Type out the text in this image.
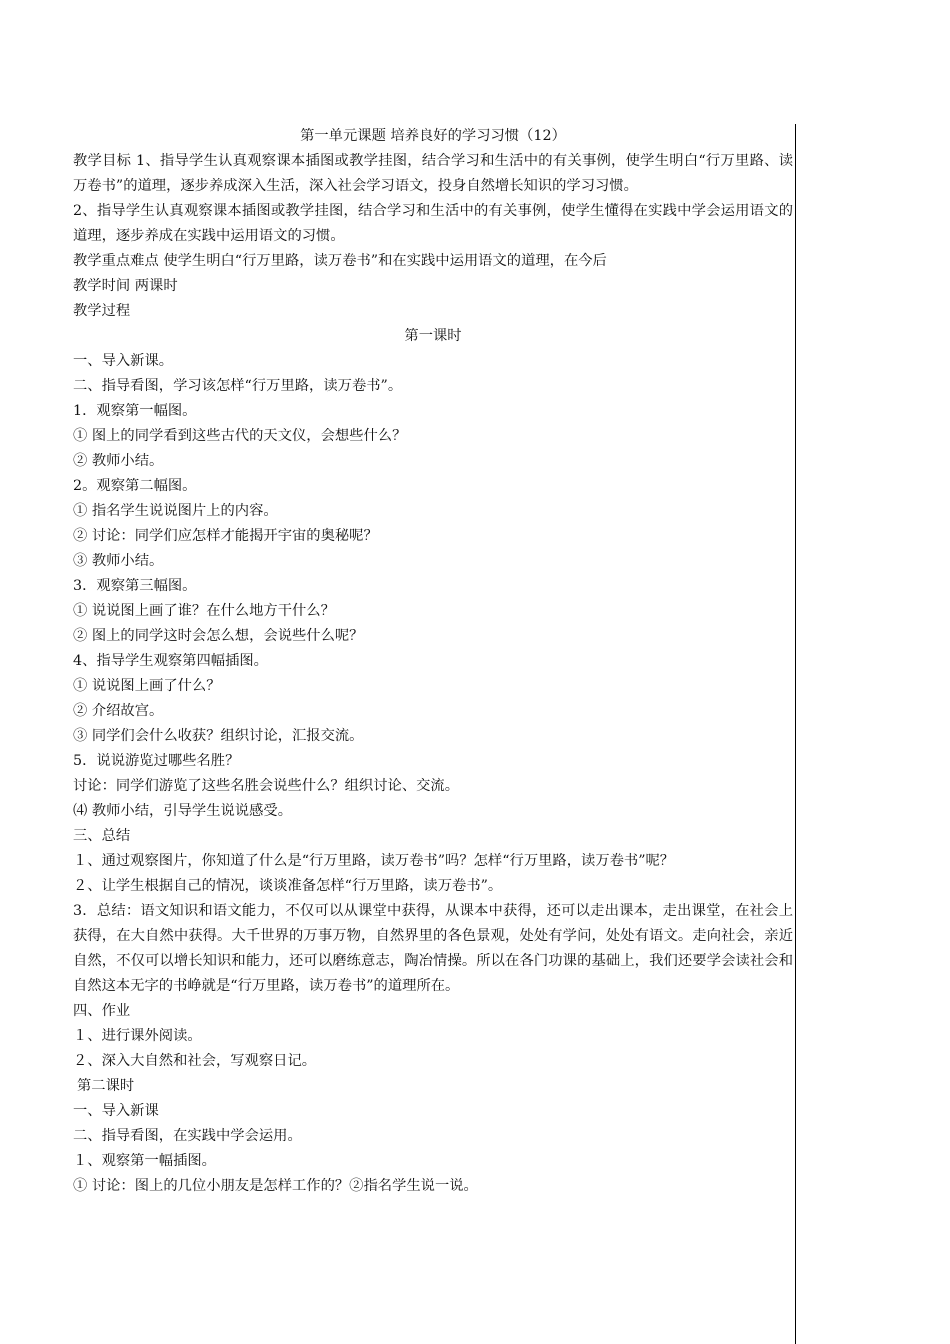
第一单元课题 培养良好的学习习惯（12）
教学目标 1、指导学生认真观察课本插图或教学挂图，结合学习和生活中的有关事例，使学生明白“行万里路、读万卷书”的道理，逐步养成深入生活，深入社会学习语文，投身自然增长知识的学习习惯。
2、指导学生认真观察课本插图或教学挂图，结合学习和生活中的有关事例，使学生懂得在实践中学会运用语文的道理，逐步养成在实践中运用语文的习惯。
教学重点难点 使学生明白“行万里路，读万卷书”和在实践中运用语文的道理，在今后
教学时间 两课时
教学过程
第一课时
一、导入新课。
二、指导看图，学习该怎样“行万里路，读万卷书”。
1．观察第一幅图。
① 图上的同学看到这些古代的天文仪，会想些什么？
② 教师小结。
2。观察第二幅图。
① 指名学生说说图片上的内容。
② 讨论：同学们应怎样才能揭开宇宙的奥秘呢？
③ 教师小结。
3．观察第三幅图。
① 说说图上画了谁？在什么地方干什么？
② 图上的同学这时会怎么想，会说些什么呢？
4、指导学生观察第四幅插图。
① 说说图上画了什么？
② 介绍故宫。
③ 同学们会什么收获？组织讨论，汇报交流。
5．说说游览过哪些名胜？
讨论：同学们游览了这些名胜会说些什么？组织讨论、交流。
⑷ 教师小结，引导学生说说感受。
三、总结
１、通过观察图片，你知道了什么是“行万里路，读万卷书”吗？怎样“行万里路，读万卷书”呢？
２、让学生根据自己的情况，谈谈准备怎样“行万里路，读万卷书”。
3．总结：语文知识和语文能力，不仅可以从课堂中获得，从课本中获得，还可以走出课本，走出课堂，在社会上获得，在大自然中获得。大千世界的万事万物，自然界里的各色景观，处处有学问，处处有语文。走向社会，亲近自然，不仅可以增长知识和能力，还可以磨练意志，陶冶情操。所以在各门功课的基础上，我们还要学会读社会和自然这本无字的书峥就是“行万里路，读万卷书”的道理所在。
四、作业
１、进行课外阅读。
２、深入大自然和社会，写观察日记。
第二课时
一、导入新课
二、指导看图，在实践中学会运用。
１、观察第一幅插图。
① 讨论：图上的几位小朋友是怎样工作的？②指名学生说一说。
